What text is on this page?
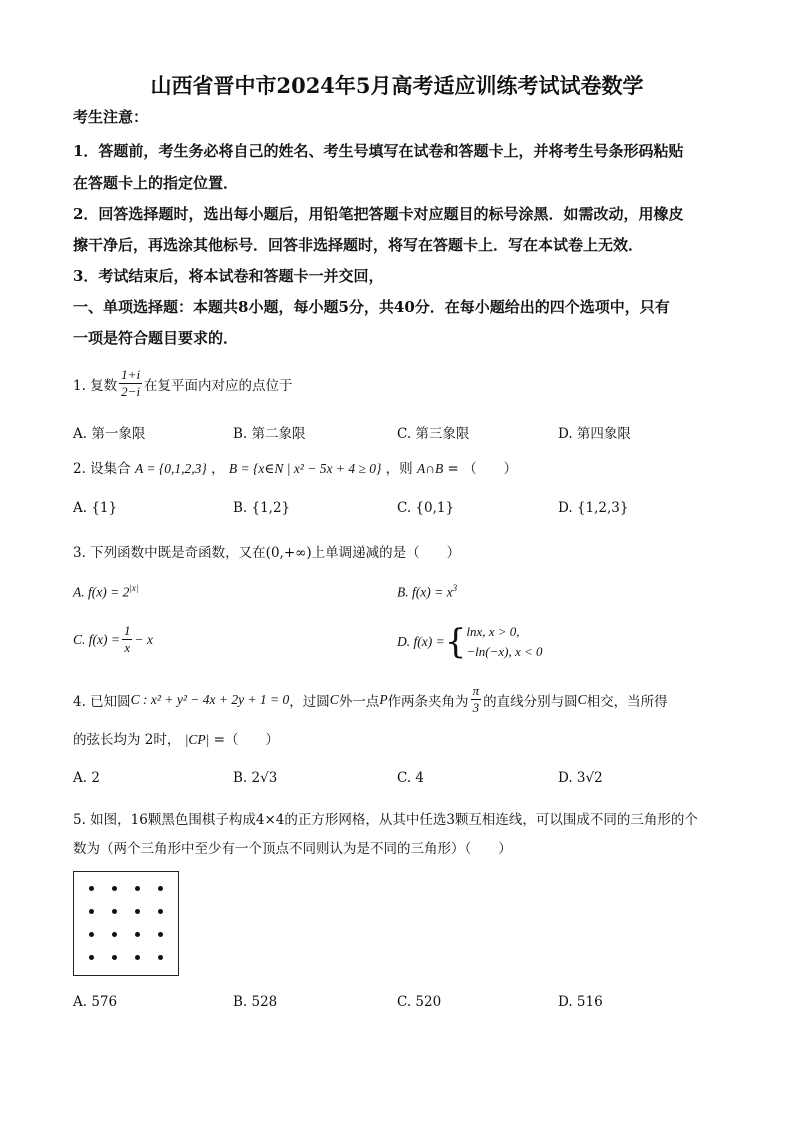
山西省晋中市2024年5月高考适应训练考试试卷数学
考生注意：
1．答题前，考生务必将自己的姓名、考生号填写在试卷和答题卡上，并将考生号条形码粘贴
在答题卡上的指定位置．
2．回答选择题时，选出每小题后，用铅笔把答题卡对应题目的标号涂黑．如需改动，用橡皮
擦干净后，再选涂其他标号．回答非选择题时，将写在答题卡上．写在本试卷上无效．
3．考试结束后，将本试卷和答题卡一并交回，
一、单项选择题：本题共8小题，每小题5分，共40分．在每小题给出的四个选项中，只有
一项是符合题目要求的．
1. 复数 $\frac{1+i}{2-i}$ 在复平面内对应的点位于
A. 第一象限	B. 第二象限	C. 第三象限	D. 第四象限
2. 设集合 A = {0,1,2,3} ， B = {x∈N | x² − 5x + 4 ≥ 0} ，则 A∩B = （　　）
A. {1}	B. {1,2}	C. {0,1}	D. {1,2,3}
3. 下列函数中既是奇函数，又在(0,+∞)上单调递减的是（　　）
A. $f(x) = 2^{|x|}$	B. $f(x) = x^3$
C. $f(x) = \frac{1}{x} - x$	D. f(x) = { lnx, x > 0,
−ln(−x), x < 0
4. 已知圆 C : x² + y² − 4x + 2y + 1 = 0 ，过圆 C 外一点 P 作两条夹角为 $\frac{\pi}{3}$ 的直线分别与圆 C 相交，当所得
的弦长均为 2时， |CP| =（　　）
A. 2	B. 2√3	C. 4	D. 3√2
5. 如图，16颗黑色围棋子构成4×4的正方形网格，从其中任选3颗互相连线，可以围成不同的三角形的个
数为（两个三角形中至少有一个顶点不同则认为是不同的三角形）（　　）
A. 576	B. 528	C. 520	D. 516
